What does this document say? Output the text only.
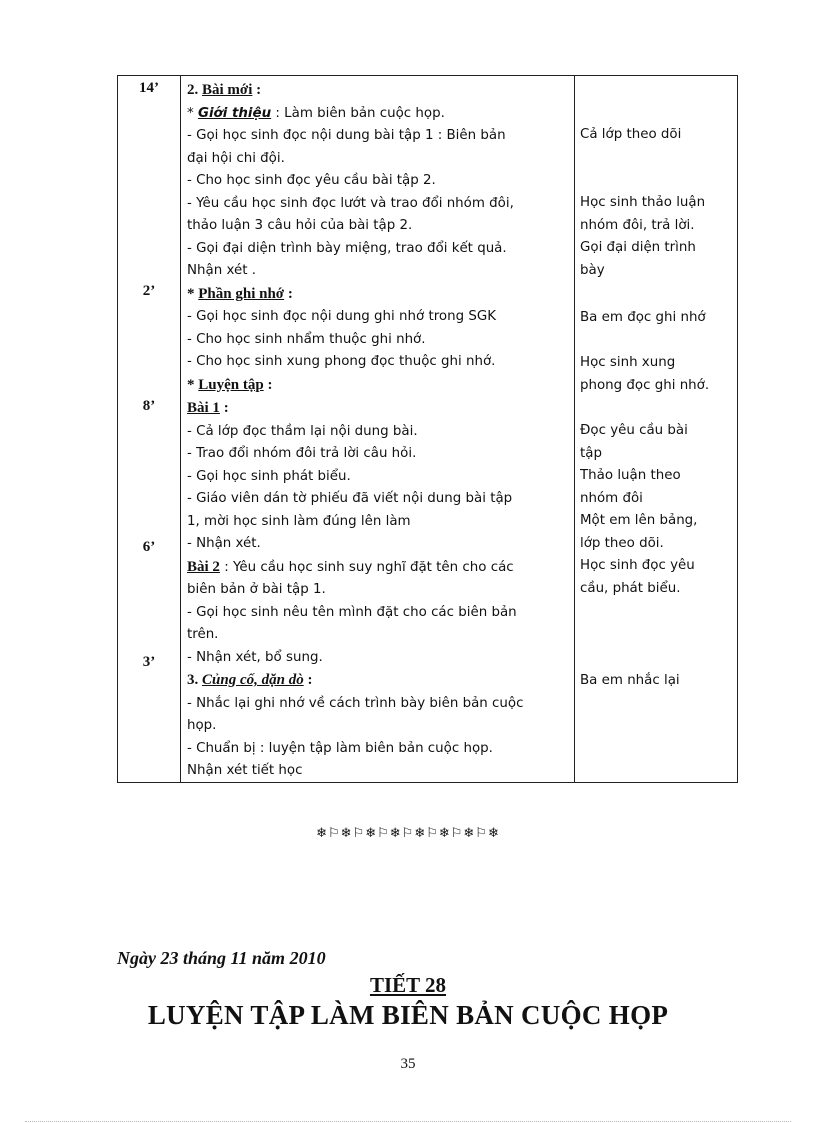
14’
2’
8’
6’
3’
2. Bài mới :
* Giới thiệu : Làm biên bản cuộc họp.
- Gọi học sinh đọc nội dung bài tập 1 : Biên bản
đại hội chi đội.
- Cho học sinh đọc yêu cầu bài tập 2.
- Yêu cầu học sinh đọc lướt và trao đổi nhóm đôi,
thảo luận 3 câu hỏi của bài tập 2.
- Gọi đại diện trình bày miệng, trao đổi kết quả.
Nhận xét .
* Phần ghi nhớ :
- Gọi học sinh đọc nội dung ghi nhớ trong SGK
- Cho học sinh nhẩm thuộc ghi nhớ.
- Cho học sinh xung phong đọc thuộc ghi nhớ.
* Luyện tập :
Bài 1 :
- Cả lớp đọc thầm lại nội dung bài.
- Trao đổi nhóm đôi trả lời câu hỏi.
- Gọi học sinh phát biểu.
- Giáo viên dán tờ phiếu đã viết nội dung bài tập
1, mời học sinh làm đúng lên làm
- Nhận xét.
Bài 2 : Yêu cầu học sinh suy nghĩ đặt tên cho các
biên bản ở bài tập 1.
- Gọi học sinh nêu tên mình đặt cho các biên bản
trên.
- Nhận xét, bổ sung.
3. Củng cố, dặn dò :
- Nhắc lại ghi nhớ về cách trình bày biên bản cuộc
họp.
- Chuẩn bị : luyện tập làm biên bản cuộc họp.
Nhận xét tiết học
Cả lớp theo dõi
Học sinh thảo luận
nhóm đôi, trả lời.
Gọi đại diện trình
bày
Ba em đọc ghi nhớ
Học sinh xung
phong đọc ghi nhớ.
Đọc yêu cầu bài
tập
Thảo luận theo
nhóm đôi
Một em lên bảng,
lớp theo dõi.
Học sinh đọc yêu
cầu, phát biểu.
Ba em nhắc lại
❄⚐❄⚐❄⚐❄⚐❄⚐❄⚐❄⚐❄
Ngày 23 tháng 11 năm 2010
TIẾT 28
LUYỆN TẬP LÀM BIÊN BẢN CUỘC HỌP
35
